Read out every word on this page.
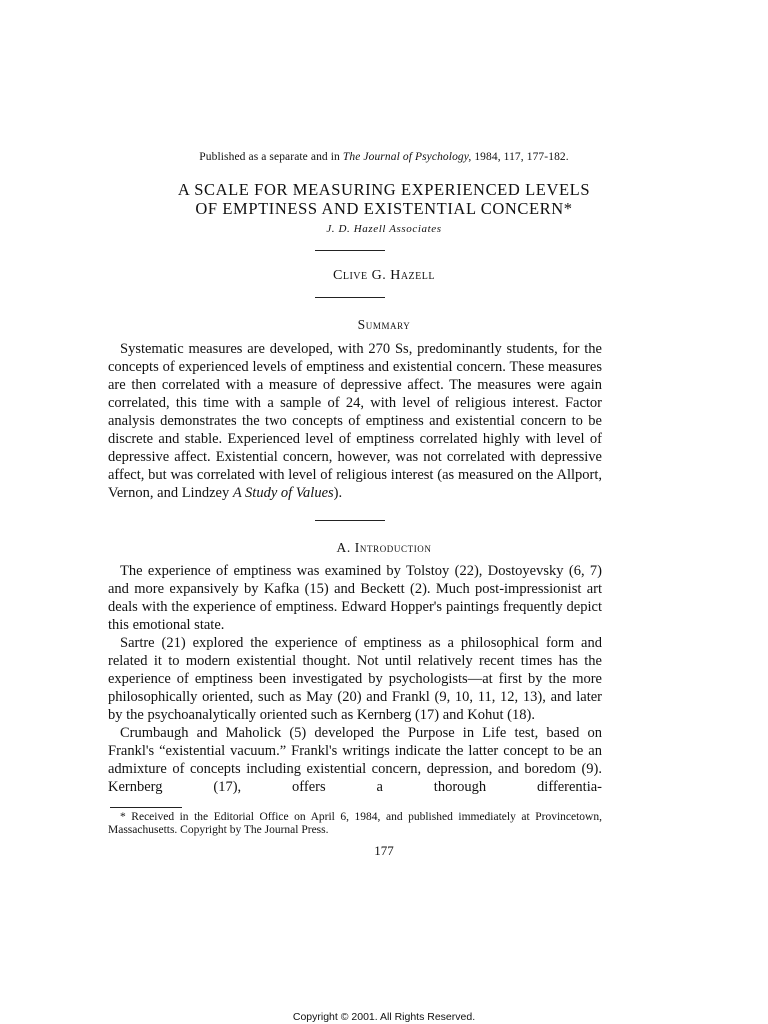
Published as a separate and in The Journal of Psychology, 1984, 117, 177-182.
A SCALE FOR MEASURING EXPERIENCED LEVELS
OF EMPTINESS AND EXISTENTIAL CONCERN*
J. D. Hazell Associates
Clive G. Hazell
Summary

Systematic measures are developed, with 270 Ss, predominantly students, for the concepts of experienced levels of emptiness and existential concern. These measures are then correlated with a measure of depressive affect. The measures were again correlated, this time with a sample of 24, with level of religious interest. Factor analysis demonstrates the two concepts of emptiness and existential concern to be discrete and stable. Experienced level of emptiness correlated highly with level of depressive affect. Existential concern, however, was not correlated with depressive affect, but was correlated with level of religious interest (as measured on the Allport, Vernon, and Lindzey A Study of Values).

A. Introduction

The experience of emptiness was examined by Tolstoy (22), Dostoyevsky (6, 7) and more expansively by Kafka (15) and Beckett (2). Much post-impressionist art deals with the experience of emptiness. Edward Hopper's paintings frequently depict this emotional state.

Sartre (21) explored the experience of emptiness as a philosophical form and related it to modern existential thought. Not until relatively recent times has the experience of emptiness been investigated by psychologists—at first by the more philosophically oriented, such as May (20) and Frankl (9, 10, 11, 12, 13), and later by the psychoanalytically oriented such as Kernberg (17) and Kohut (18).

Crumbaugh and Maholick (5) developed the Purpose in Life test, based on Frankl's “existential vacuum.” Frankl's writings indicate the latter concept to be an admixture of concepts including existential concern, depression, and boredom (9). Kernberg (17), offers a thorough differentia-

* Received in the Editorial Office on April 6, 1984, and published immediately at Provincetown, Massachusetts. Copyright by The Journal Press.

177
Copyright © 2001. All Rights Reserved.
